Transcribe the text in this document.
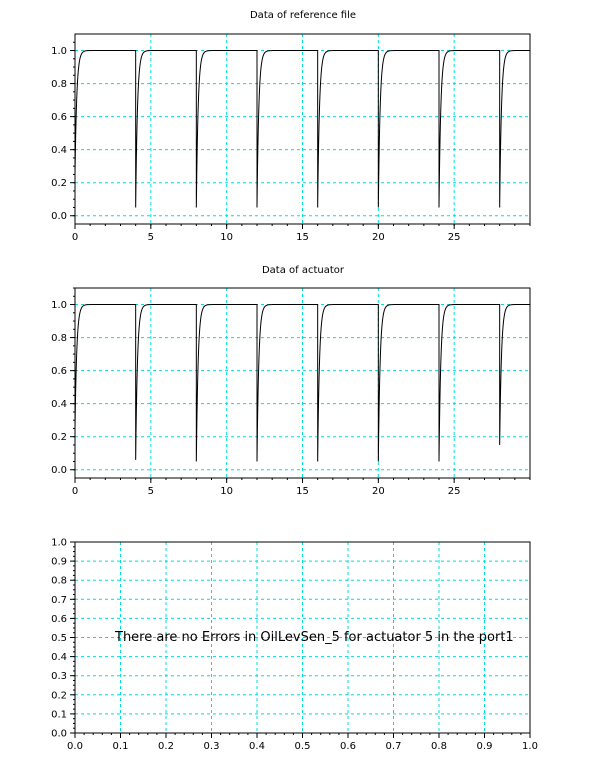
Data of reference file
0	5	10	15	20	25
0.0
0.2
0.4
0.6
0.8
1.0
Data of actuator
0	5	10	15	20	25
0.0
0.2
0.4
0.6
0.8
1.0
0.0	0.1	0.2	0.3	0.4	0.5	0.6	0.7	0.8	0.9	1.0
0.0
0.1
0.2
0.3
0.4
0.5
0.6
0.7
0.8
0.9
1.0
There are no Errors in OilLevSen_5 for actuator 5 in the port1
